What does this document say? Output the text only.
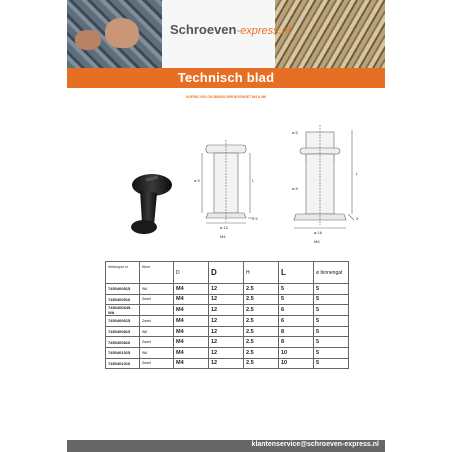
Schroeven-express.nl
Technisch blad
VIJFWIJ NYLON BINDSCHROEVENSET M4 & M6
ø 5	L
ø 12
2.5
M4
ø 6
L
ø 8
ø 16
3
M6
Verkoopnr nl	Kleur	D	D	H	L	ø binnengat
7450400515	Wit	M4	12	2.5	5	5
7450400516	Zwart	M4	12	2.5	5	5
7450400645-Wit		M4	12	2.5	6	5
7450400615	Zwart	M4	12	2.5	6	5
7450400815	Wit	M4	12	2.5	8	5
7450400816	Zwart	M4	12	2.5	8	5
7450401015	Wit	M4	12	2.5	10	5
7450401016	Zwart	M4	12	2.5	10	5
klantenservice@schroeven-express.nl
